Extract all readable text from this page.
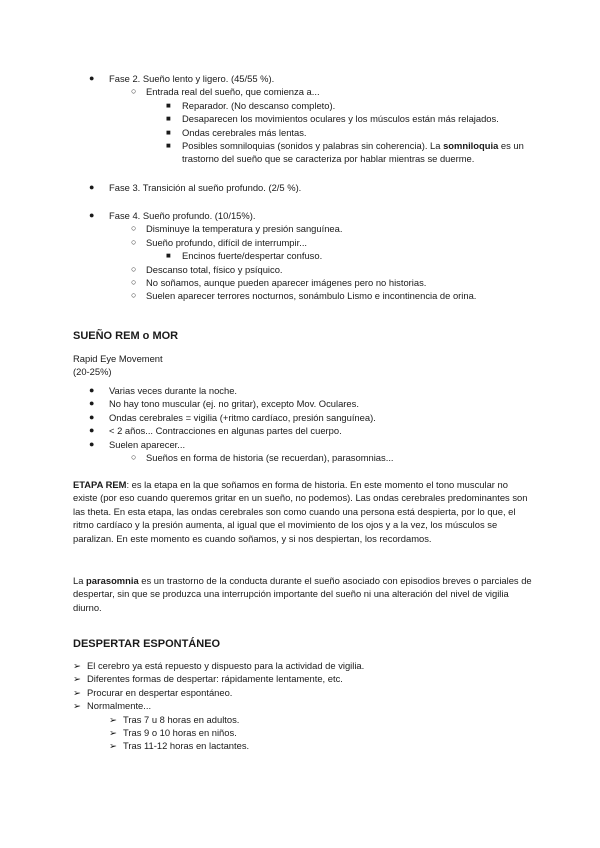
●	Fase 2. Sueño lento y ligero. (45/55 %).
○	Entrada real del sueño, que comienza a...
■	Reparador. (No descanso completo).
■	Desaparecen los movimientos oculares y los músculos están más relajados.
■	Ondas cerebrales más lentas.
■	Posibles somniloquias (sonidos y palabras sin coherencia). La somniloquia es un trastorno del sueño que se caracteriza por hablar mientras se duerme.
●	Fase 3. Transición al sueño profundo. (2/5 %).
●	Fase 4. Sueño profundo. (10/15%).
○	Disminuye la temperatura y presión sanguínea.
○	Sueño profundo, difícil de interrumpir...
■	Encinos fuerte/despertar confuso.
○	Descanso total, físico y psíquico.
○	No soñamos, aunque pueden aparecer imágenes pero no historias.
○	Suelen aparecer terrores nocturnos, sonámbulo Lismo e incontinencia de orina.
SUEÑO REM o MOR
Rapid Eye Movement
(20-25%)
●	Varias veces durante la noche.
●	No hay tono muscular (ej. no gritar), excepto Mov. Oculares.
●	Ondas cerebrales = vigilia (+ritmo cardíaco, presión sanguínea).
●	< 2 años... Contracciones en algunas partes del cuerpo.
●	Suelen aparecer...
○	Sueños en forma de historia (se recuerdan), parasomnias...
ETAPA REM: es la etapa en la que soñamos en forma de historia. En este momento el tono muscular no existe (por eso cuando queremos gritar en un sueño, no podemos). Las ondas cerebrales predominantes son las theta. En esta etapa, las ondas cerebrales son como cuando una persona está despierta, por lo que, el ritmo cardíaco y la presión aumenta, al igual que el movimiento de los ojos y a la vez, los músculos se paralizan. En este momento es cuando soñamos, y si nos despiertan, los recordamos.
La parasomnia es un trastorno de la conducta durante el sueño asociado con episodios breves o parciales de despertar, sin que se produzca una interrupción importante del sueño ni una alteración del nivel de vigilia diurno.
DESPERTAR ESPONTÁNEO
➢ El cerebro ya está repuesto y dispuesto para la actividad de vigilia.
➢ Diferentes formas de despertar: rápidamente lentamente, etc.
➢ Procurar en despertar espontáneo.
➢ Normalmente...
➢ Tras 7 u 8 horas en adultos.
➢ Tras 9 o 10 horas en niños.
➢ Tras 11-12 horas en lactantes.
